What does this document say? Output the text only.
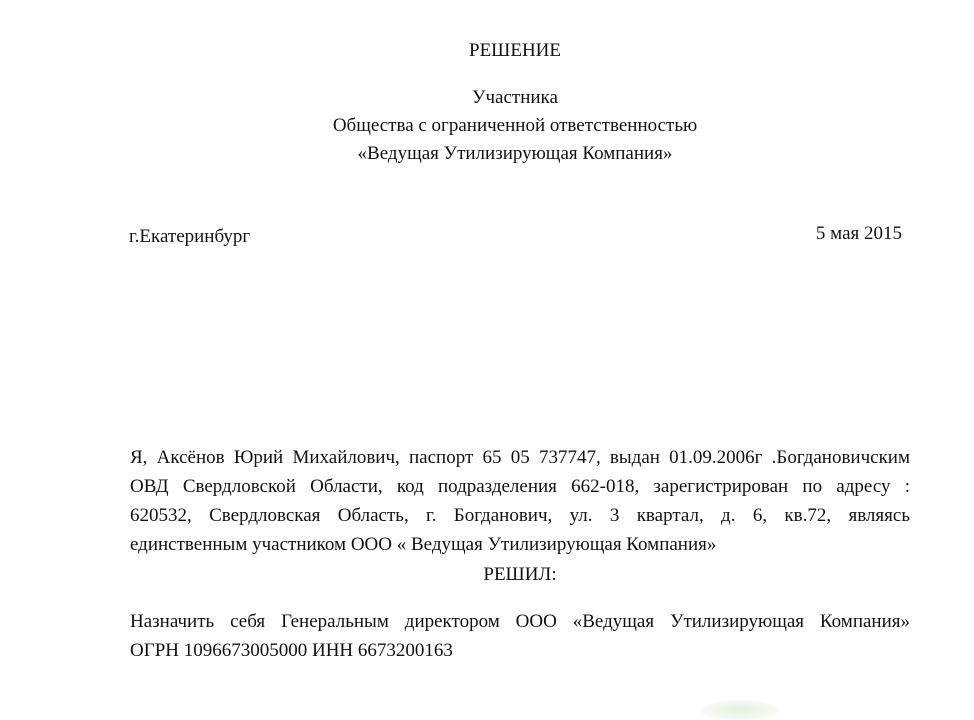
РЕШЕНИЕ
Участника
Общества с ограниченной ответственностью
«Ведущая Утилизирующая Компания»
г.Екатеринбург	5 мая 2015
Я, Аксёнов Юрий Михайлович, паспорт 65 05 737747, выдан 01.09.2006г .Богдановичским
ОВД Свердловской Области, код подразделения 662-018, зарегистрирован по адресу :
620532, Свердловская Область, г. Богданович, ул. 3 квартал, д. 6, кв.72, являясь
единственным участником ООО « Ведущая Утилизирующая Компания»
РЕШИЛ:
Назначить себя Генеральным директором ООО «Ведущая Утилизирующая Компания»
ОГРН 1096673005000 ИНН 6673200163
